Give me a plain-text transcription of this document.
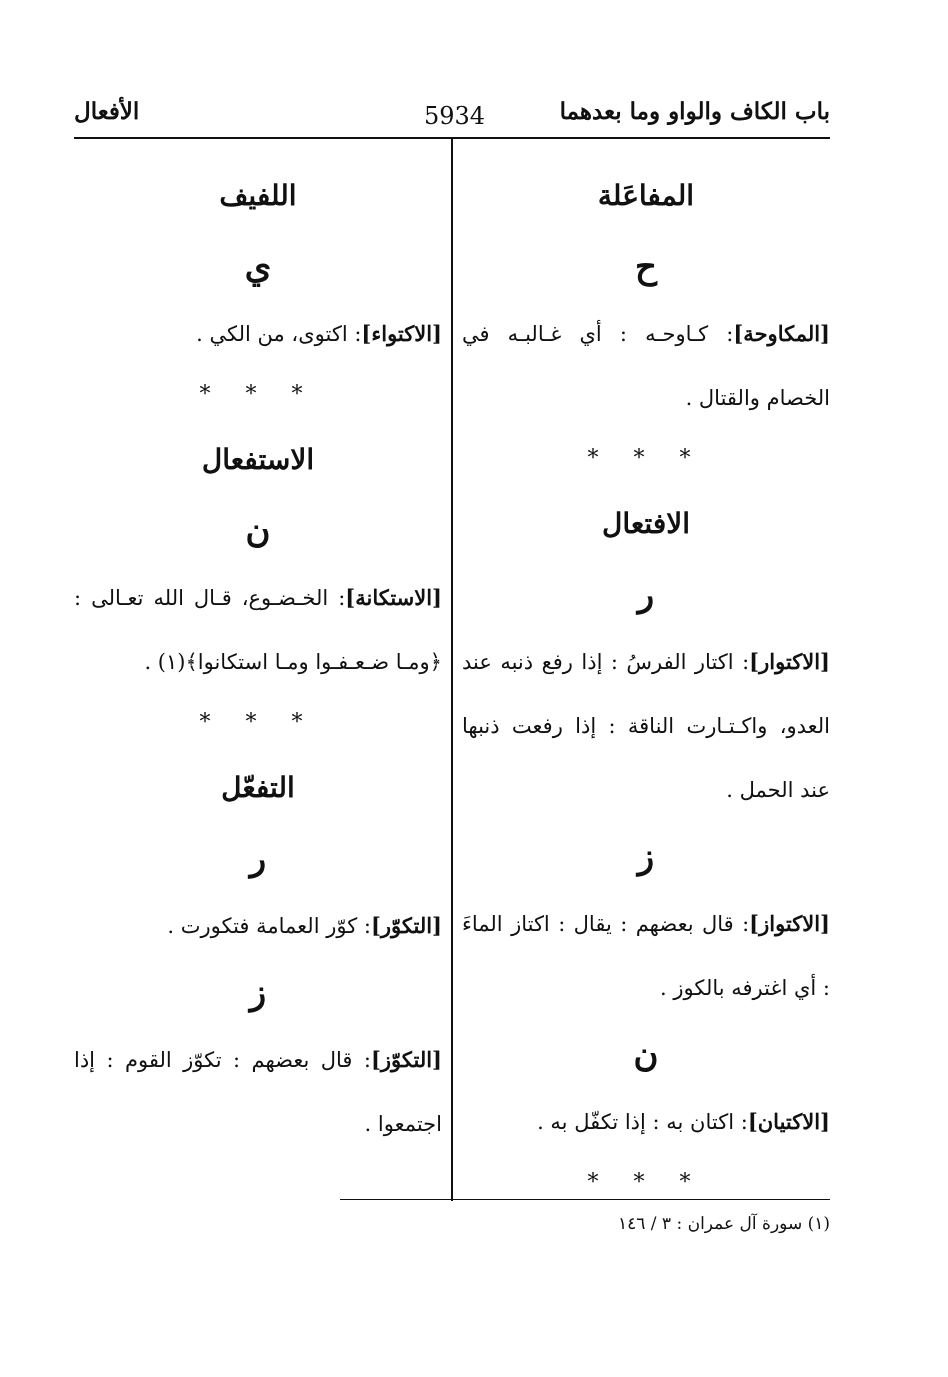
باب الكاف والواو وما بعدهما
5934
الأفعال

المفاعَلة

ح

[المكاوحة]: كـاوحـه : أي غـالبـه في الخصام والقتال .

* * *

الافتعال

ر

[الاكتوار]: اكتار الفرسُ : إذا رفع ذنبه عند العدو، واكـتـارت الناقة : إذا رفعت ذنبها عند الحمل .

ز

[الاكتواز]: قال بعضهم : يقال : اكتاز الماءَ : أي اغترفه بالكوز .

ن

[الاكتيان]: اكتان به : إذا تكفّل به .

* * *

اللفيف

ي

[الاكتواء]: اكتوى، من الكي .

* * *

الاستفعال

ن

[الاستكانة]: الخـضـوع، قـال الله تعـالى : ﴿ومـا ضـعـفـوا ومـا استكانوا﴾(١) .

* * *

التفعّل

ر

[التكوّر]: كوّر العمامة فتكورت .

ز

[التكوّز]: قال بعضهم : تكوّز القوم : إذا اجتمعوا .

(١) سورة آل عمران : ٣ / ١٤٦
